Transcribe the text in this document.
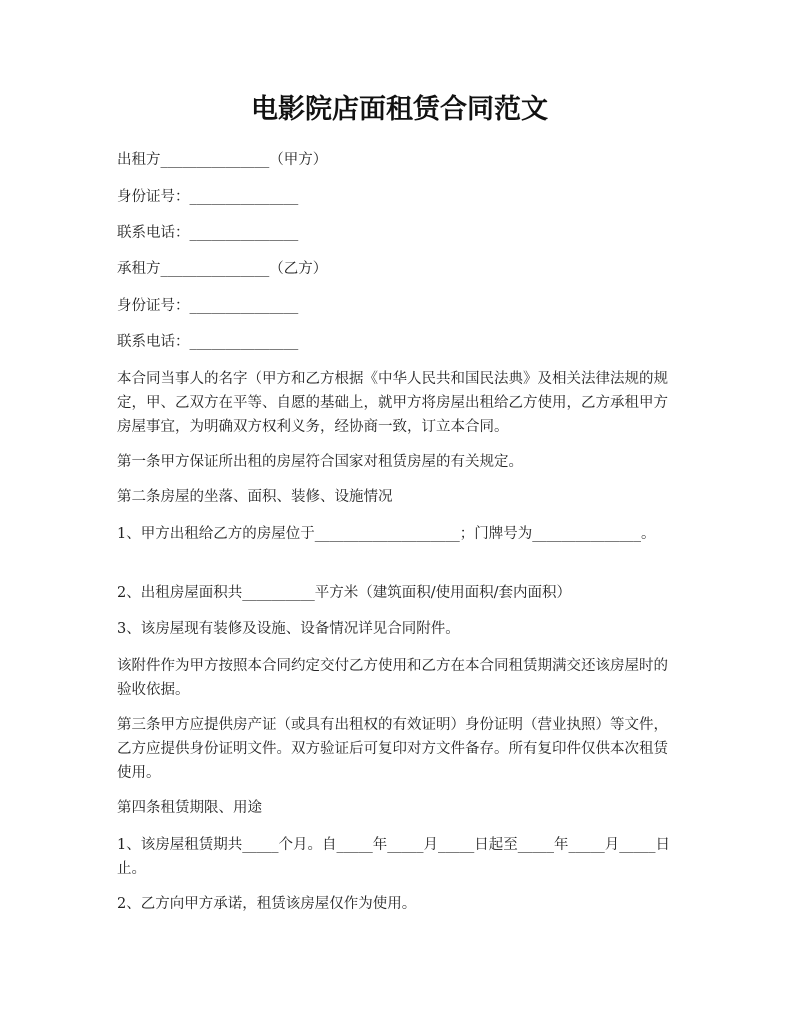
电影院店面租赁合同范文

出租方_______________（甲方）

身份证号：_______________

联系电话：_______________

承租方_______________（乙方）

身份证号：_______________

联系电话：_______________

本合同当事人的名字（甲方和乙方根据《中华人民共和国民法典》及相关法律法规的规定，甲、乙双方在平等、自愿的基础上，就甲方将房屋出租给乙方使用，乙方承租甲方房屋事宜，为明确双方权利义务，经协商一致，订立本合同。

第一条甲方保证所出租的房屋符合国家对租赁房屋的有关规定。

第二条房屋的坐落、面积、装修、设施情况

1、甲方出租给乙方的房屋位于____________________；门牌号为_______________。

2、出租房屋面积共__________平方米（建筑面积/使用面积/套内面积）

3、该房屋现有装修及设施、设备情况详见合同附件。

该附件作为甲方按照本合同约定交付乙方使用和乙方在本合同租赁期满交还该房屋时的验收依据。

第三条甲方应提供房产证（或具有出租权的有效证明）身份证明（营业执照）等文件，乙方应提供身份证明文件。双方验证后可复印对方文件备存。所有复印件仅供本次租赁使用。

第四条租赁期限、用途

1、该房屋租赁期共_____个月。自_____年_____月_____日起至_____年_____月_____日止。

2、乙方向甲方承诺，租赁该房屋仅作为使用。
